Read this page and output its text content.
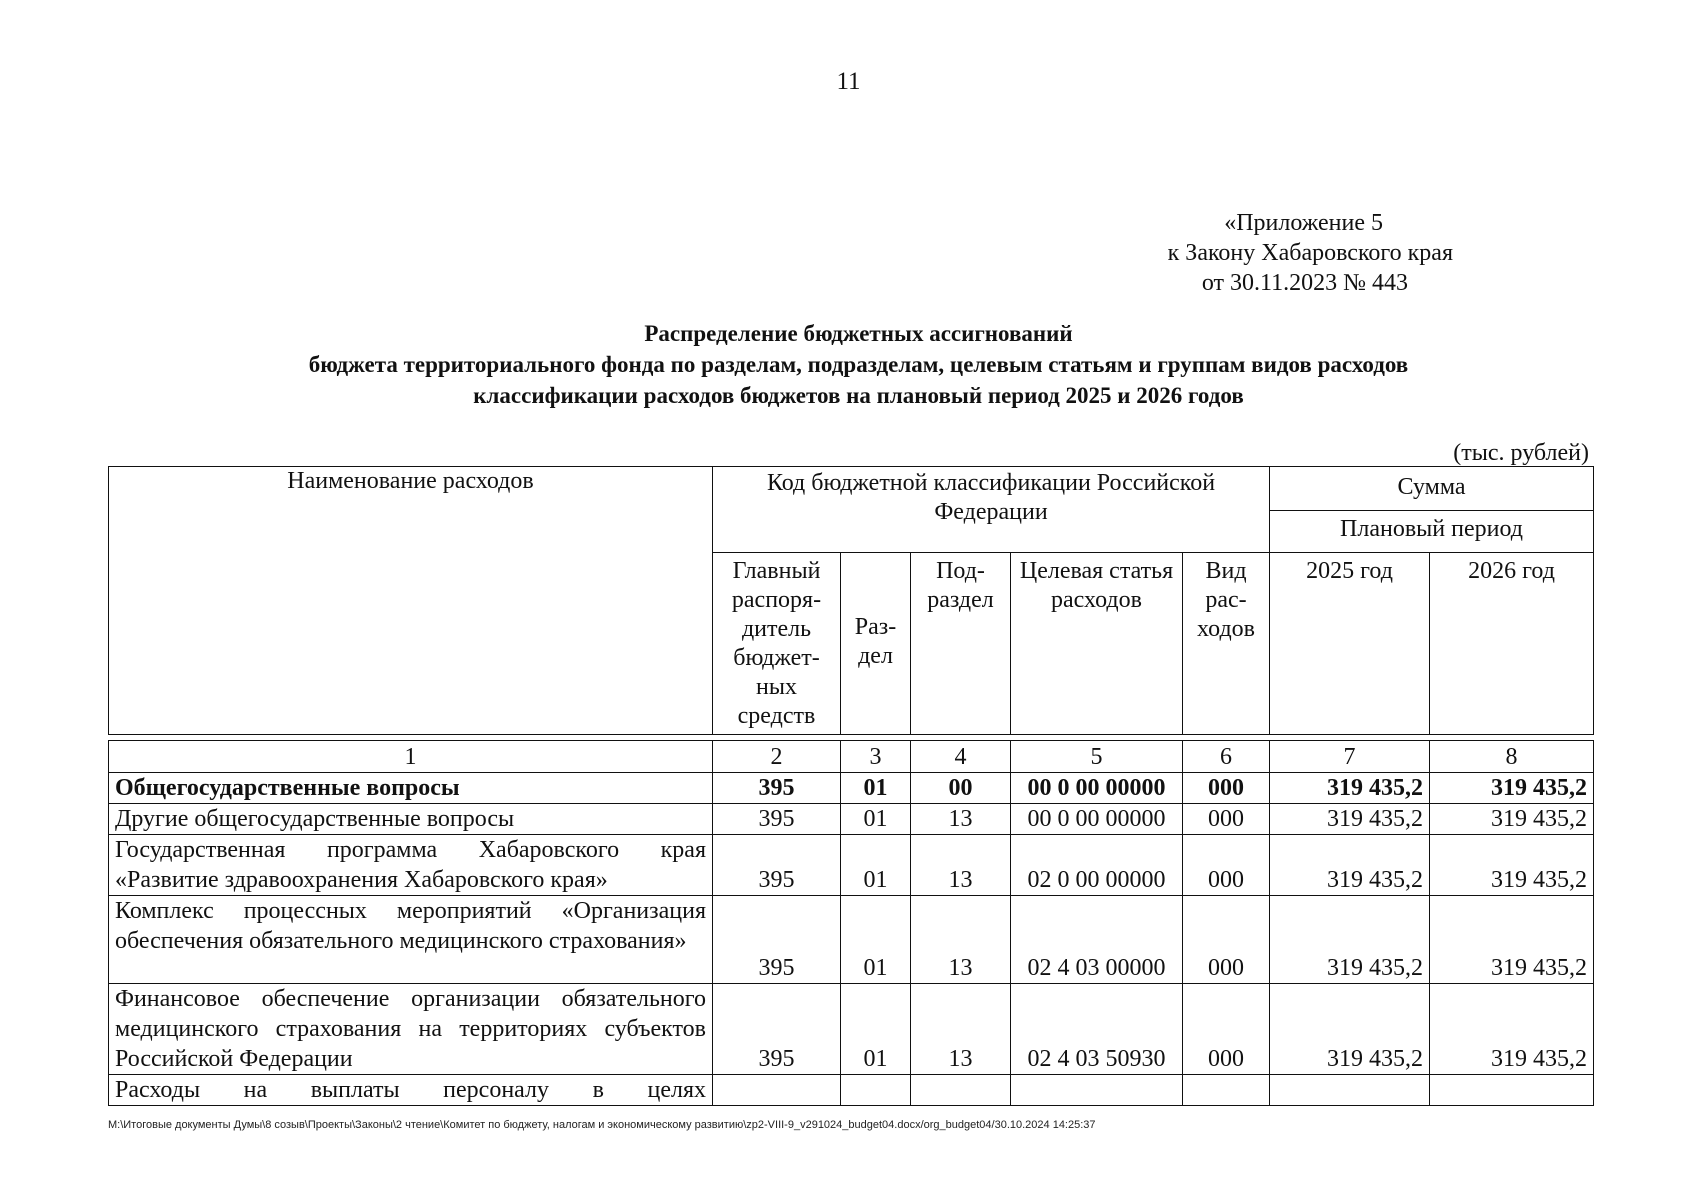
11
«Приложение 5
к Закону Хабаровского края
от 30.11.2023 № 443
Распределение бюджетных ассигнований
бюджета территориального фонда по разделам, подразделам, целевым статьям и группам видов расходов
классификации расходов бюджетов на плановый период 2025 и 2026 годов
(тыс. рублей)
Наименование расходов	Код бюджетной классификации Российской Федерации					Сумма	
						Плановый период	
	Главный распоря-дитель бюджет-ных средств	Раз-дел	Под-раздел	Целевая статья расходов	Вид рас-ходов	2025 год	2026 год
1	2	3	4	5	6	7	8
Общегосударственные вопросы	395	01	00	00 0 00 00000	000	319 435,2	319 435,2
Другие общегосударственные вопросы	395	01	13	00 0 00 00000	000	319 435,2	319 435,2
Государственная программа Хабаровского края «Развитие здравоохранения Хабаровского края»	395	01	13	02 0 00 00000	000	319 435,2	319 435,2
Комплекс процессных мероприятий «Организация обеспечения обязательного медицинского страхования»	395	01	13	02 4 03 00000	000	319 435,2	319 435,2
Финансовое обеспечение организации обязательного медицинского страхования на территориях субъектов Российской Федерации	395	01	13	02 4 03 50930	000	319 435,2	319 435,2
Расходы на выплаты персоналу в целях							
M:\Итоговые документы Думы\8 созыв\Проекты\Законы\2 чтение\Комитет по бюджету, налогам и экономическому развитию\zp2-VIII-9_v291024_budget04.docx/org_budget04/30.10.2024 14:25:37
